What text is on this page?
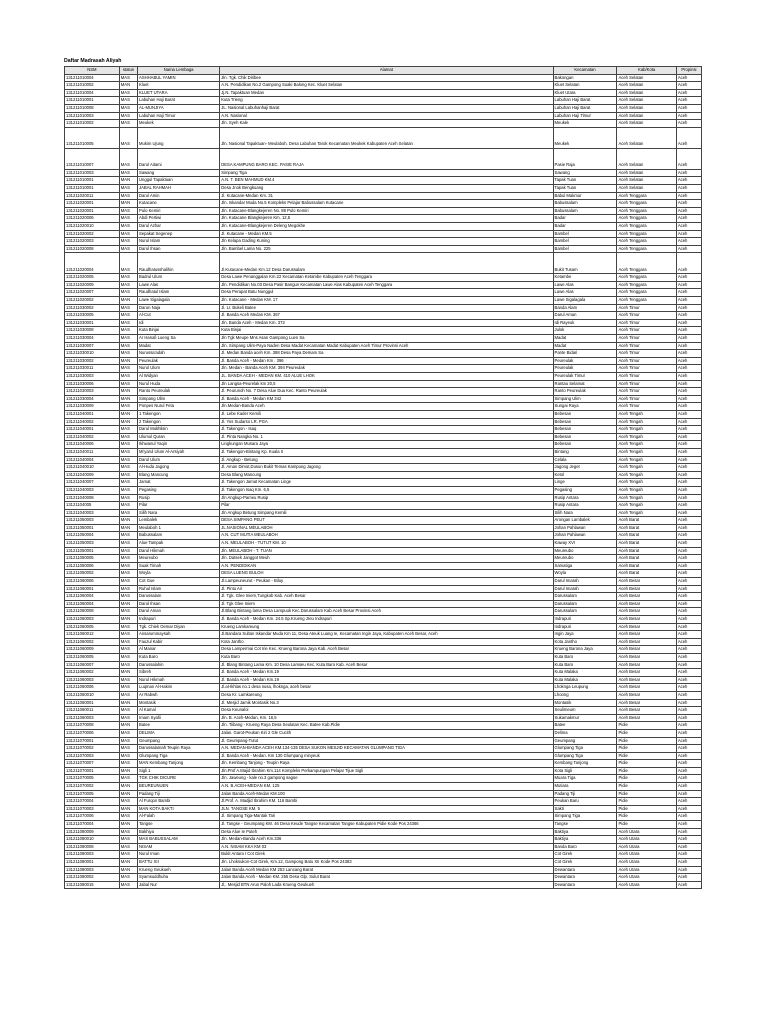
Daftar Madrasah Aliyah
NSM	status	Nama Lembaga	Alamat	Kecamatan	Kab/Kota	Propinsi
131211010004	MAS	ASHHABUL YAMIN	Jln. Tgk. Chik Diribee	Bakongan	Aceh Selatan	Aceh
131211010002	MAN	Kluet	A.N. Pendidikan No.2 Gampong Suaki Balong Kec. Kluet Selatan	Kluet Selatan	Aceh Selatan	Aceh
131211010004	MAS	KLUET UTARA	Jj.N. Tapaktuan Medan	Kluet Utara	Aceh Selatan	Aceh
131211010001	MAS	Labuhan Haji Barat	Kuta Trieng	Labuhan Haji Barat	Aceh Selatan	Aceh
131211010008	MAS	AL-MUNJIYA	JL. Nasional Labuhanhaji Barat	Labuhan Haji Barat	Aceh Selatan	Aceh
131211010003	MAS	Labuhan Haji Timur	A.N. Nasional	Labuhan Haji Timur	Aceh Selatan	Aceh
131211010002	MAS	Meukek	Jln. Syeh Kale	Meukek	Aceh Selatan	Aceh
131211010005	MAS	Mukim Ujung	Jln. Nasional Tapaktuan- Meulaboh. Desa Labuhan Tarok Kecamatan Meukek Kabupaten Aceh Selatan	Meukek	Aceh Selatan	Aceh
131211010007	MAS	Darul Aitami	DESA KAMPUNG BARO KEC. PASIE RAJA	Pasie Raja	Aceh Selatan	Aceh
131211010003	MAS	Sawang	Simpang Tiga	Sawang	Aceh Selatan	Aceh
131211010001	MAN	Unggul Tapaktuan	A.N. T. BEN MAHMUD KM.4	Tapak Tuan	Aceh Selatan	Aceh
131211010001	MAS	JABAL RAHMAH	Desa Jnok Bengkuang	Tapak Tuan	Aceh Selatan	Aceh
131211020011	MAS	Darul Amin	Jl. Kutacane-Medan Km. 31	Babul Makmur	Aceh Tenggara	Aceh
131211020001	MAN	Kutacane	Jln. Iskandar Muda No.5 Kompleks Pelajar Babussalam Kutacane	Babussalam	Aceh Tenggara	Aceh
131211020001	MAS	Pulo Kemiri	Jln. Kutacane-Blangkejeren No. 88 Pulo Kemiri	Babussalam	Aceh Tenggara	Aceh
131211020006	MAS	Abdi Pertiwi	Jln. Kutacane Blangkejeren Km. 12,5	Badar	Aceh Tenggara	Aceh
131211020010	MAS	Darul Azhar	Jln. Kutacane-Blangkejeren Deleng Megokhe	Badar	Aceh Tenggara	Aceh
131211020002	MAS	Sepakat Segenep	Jl. Kutacane - Medan KM.5	Bambel	Aceh Tenggara	Aceh
131211020003	MAS	Nurul Islam	Jln Kelapa Gading Kuning	Bambel	Aceh Tenggara	Aceh
131211020008	MAS	Darul Ihsan	Jln. Bambel Lama No. 225	Bambel	Aceh Tenggara	Aceh
131211020004	MAS	Raudhatusshalihin	Jl.Kutacane-Medan Km.12 Desa Darussalam	Bukit Tusam	Aceh Tenggara	Aceh
131211020005	MAS	Badrul Ulum	Desa Lawe Penanggalan Km.22 Kecamatan Ketambe Kabupaten Aceh Tenggara	Ketambe	Aceh Tenggara	Aceh
131211020009	MAS	Lawe Alas	Jln. Pendidikan No.03 Desa Pasir Bangun Kecamatan Lawe Alas Kabupaten Aceh Tenggara	Lawe Alas	Aceh Tenggara	Aceh
131211020007	MAS	Raudhatul Islam	Desa Perapat Batu Nunggul	Lawe Alas	Aceh Tenggara	Aceh
131211020002	MAN	Lawe Sigalagala	Jln. Kutacane - Medan KM. 17	Lawe Sigalagala	Aceh Tenggara	Aceh
131211030002	MAS	Darun Naja	Jl. Lr. Bukeli Batee	Banda Alam	Aceh Timur	Aceh
131211030005	MAS	Al-Cut	Jl. Banda Aceh Medan KM. 367	Darul Aman	Aceh Timur	Aceh
131211030001	MAS	Idi	Jln. Banda Aceh - Medan Km. 372	Idi Rayeuk	Aceh Timur	Aceh
131211030008	MAS	Kuta Binjai	Kuta Binjai	Julok	Aceh Timur	Aceh
131211030004	MAS	Ar Hanafi Lueng Sa	Jln Tgk Meupe Mns Asan Gampong Luen Sa	Madat	Aceh Timur	Aceh
131211030007	MAS	Madat	Jln. Simpang Ulim-Paya Naden Desa Madat Kecamatan Madat Kabupaten Aceh Timur Provinsi Aceh	Madat	Aceh Timur	Aceh
131211030010	MAS	Nurussa'adah	Jl. Medan Banda aceh Km. 388 Desa Paya Demam Sa	Pante Bidari	Aceh Timur	Aceh
131211030002	MAN	Peureulak	Jl. Banda Aceh - Medan Km . 396	Peureulak	Aceh Timur	Aceh
131211030011	MAS	Nurul Ulum	Jln. Medan - Banda Aceh KM. 394 Peureulak	Peureulak	Aceh Timur	Aceh
131211030003	MAS	Al Widyan	JL. BANDA ACEH - MEDAN KM. 410 ALUE LHOK	Peureulak Timur	Aceh Timur	Aceh
131211030006	MAS	Nurul Huda	Jln Langsa-Peurelak km 20,5	Rantau Selamat	Aceh Timur	Aceh
131211030003	MAN	Ranto Peureulak	Jl. Peurunoh No. 7 Desa Alue Dua Kec. Ranto Peureulak	Ranto Peureulak	Aceh Timur	Aceh
131211030004	MAN	Simpang Ulim	Jl. Banda Aceh - Medan KM 342	Simpang Ulim	Aceh Timur	Aceh
131211030009	MAS	Ponpes Nurul Feta	Jln.Medan-Banda Aceh	Sungai Raya	Aceh Timur	Aceh
131211040001	MAN	1 Takengon	Jl. Lebe Kader Kemili	Bebesan	Aceh Tengah	Aceh
131211040002	MAN	2 Takengon	Jl. Yos Sudarso LR. PGA	Bebesan	Aceh Tengah	Aceh
131211040001	MAS	Darul Mukhlisin	Jl. Takengon - Isaq	Bebesan	Aceh Tengah	Aceh
131211040002	MAS	Ulumul Quran	Jl. Pinta Nangka No. 1	Bebesan	Aceh Tengah	Aceh
131211040006	MAS	Ikhwanul Yaqin	Lingkungan Musara Jaya	Bebesan	Aceh Tengah	Aceh
131211040011	MAS	Mi'yarul Ulum Al-Arsiyah	Jl. Takengon-Bintang Kp. Kuala II	Bintang	Aceh Tengah	Aceh
131211040004	MAS	Darul Ulum	Jl. Angkup - Betung	Celala	Aceh Tengah	Aceh
131211040010	MAS	Al-Huda Jagong	Jl. Aman Dimot,Dusun Bukit Temas Kampung Jagong	Jagong Jeget	Aceh Tengah	Aceh
131211040009	MAS	Blang Mancung	Desa Blang Mancung	Ketol	Aceh Tengah	Aceh
131211040007	MAS	Jamat	Jl. Takengon Jamat Kecamatan Linge	Linge	Aceh Tengah	Aceh
131211040003	MAS	Pegasing	Jl. Takengon Isaq Km. 6,5	Pegasing	Aceh Tengah	Aceh
131211040008	MAS	Rusip	Jln Angkup-Pameu Rusip	Rusip Antara	Aceh Tengah	Aceh
13121104005	MAS	Pilar	Pilar	Rusip Antara	Aceh Tengah	Aceh
131211040003	MAS	Silih Nara	Jln Angkup Betung Simpang Kemili	Silih Nara	Aceh Tengah	Aceh
131211050003	MAN	Lembalek	DESA SIMPANG PEUT	Arongan Lambalek	Aceh Barat	Aceh
131211050001	MAN	Meulaboh 1	JL.NASIONAL MEULABOH	Johan Pahlawan	Aceh Barat	Aceh
131211050004	MAS	Babussalam	A.N. CUT MUTIA MEULABOH	Johan Pahlawan	Aceh Barat	Aceh
131211050003	MAS	Alue Tampak	A.N. MEULABOH - TUTUT KM. 10	Kaway XVI	Aceh Barat	Aceh
131211050001	MAS	Darul Hikmah	Jln. MEULABOH - T. TUAN	Meureubo	Aceh Barat	Aceh
131211050005	MAS	Meureubo	Jln. Datsek Janggot Meuh	Meureubo	Aceh Barat	Aceh
131211050006	MAS	Suak Timah	A.N. PENDIDIKAN	Samatiga	Aceh Barat	Aceh
131211050002	MAS	Woyla	DESA LUENG BULOH	Woyla	Aceh Barat	Aceh
131211060006	MAS	Cot Gue	Jl.Lampeuneurut - Peukan - Biluy	Darul Imarah	Aceh Besar	Aceh
131211060001	MAS	Ruhul Islam	Jl. Pintu Air	Darul Imarah	Aceh Besar	Aceh
131211060004	MAS	Darussalam	Jl. Tgk. Glee Iniem,Tungkob Kab. Aceh Besar	Darussalam	Aceh Besar	Aceh
131211060004	MAN	Darul Ihsan	Jl. Tgk Glee Iniem	Darussalam	Aceh Besar	Aceh
131211060008	MAS	Darul Aman	Jl.Blang Bintang lama Desa Lampuuk Kec.Darussalam Kab.Aceh Besar Provinsi Aceh	Darussalam	Aceh Besar	Aceh
131211060003	MAN	Indrapuri	Jl. Banda Aceh - Medan Km. 24.5 Sp.Krueng Jreu Indrapuri	Indrapuri	Aceh Besar	Aceh
131211060005	MAS	Tgk. Chiek Oemar Diyan	Krueng Lamkareung	Indrapuri	Aceh Besar	Aceh
131211060012	MAS	Ansarummaysah	Jl.Bandara Sultan Iskandar Muda Km 11, Desa Ateuk Luang Ie, Kecamatan Ingin Jaya, Kabupaten Aceh Besar, Aceh	Ingin Jaya	Aceh Besar	Aceh
131211060002	MAS	Fauzul Kabir	Kota Jantho	Kota Jantho	Aceh Besar	Aceh
131211060009	MAS	Al Manar	Desa Lampermai Cot Irie Kec. Krueng Barona Jaya Kab. Aceh Besar	Krueng Barona Jaya	Aceh Besar	Aceh
131211060005	MAS	Kuta Baro	Kuta Baro	Kuta Baro	Aceh Besar	Aceh
131211060007	MAS	Darussalahin	Jl. Blang Bintang Lama Km. 10 Desa Lamseu Kec. Kuta Baro Kab. Aceh Besar	Kuta Baro	Aceh Besar	Aceh
131211060002	MAN	Sibreh	Jl. Banda Aceh - Medan Km.19	Kuta Malaka	Aceh Besar	Aceh
131211060003	MAS	Nurul Hikmah	Jl. Banda Aceh - Medan Km.19	Kuta Malaka	Aceh Besar	Aceh
131211060006	MAS	Luqman Al-Hakim	Jl.al-Ikhlas no.1 desa nusa, lhoknga, aceh besar	Lhoknga Leupung	Aceh Besar	Aceh
131211060010	MAS	Ar Rabwh	Desa Kr. Lamkareung	Lhoong	Aceh Besar	Aceh
131211060001	MAN	Montasik	Jl. Mesjid Jamik Montasik No.3	Montasik	Aceh Besar	Aceh
131211060011	MAS	Al Kamal	Desa Keunaloi	Seulimeum	Aceh Besar	Aceh
131211060003	MAS	Imam Syafii	Jln. B. Aceh-Medan, Km. 16,5	Sukamakmur	Aceh Besar	Aceh
131211070008	MAN	Batee	Jln. Tiibang - Krueng Raya Desa Seulatan Kec. Batee Kab.Pidie	Batee	Pidie	Aceh
131211070006	MAS	DELIMA	Jalan. Garot-Peukan Kiri 2 Gle Cucith	Delima	Pidie	Aceh
131211070001	MAS	Geumpang	Jl. Geumpang-Tutut	Geumpang	Pidie	Aceh
131211070002	MAS	Darussalamah Teupin Raya	A.N. MEDAN-BANDA ACEH KM.134-135 DESA SUKON MESJID KECAMATAN GLUMPANG TIGA	Glumpang Tiga	Pidie	Aceh
131211070003	MAS	Glumpang Tiga	Jl. Banda Aceh - Medan. Km 130 Glumpang minyeuk	Glumpang Tiga	Pidie	Aceh
131211070007	MAS	MAN Kembang Tanjong	Jln. Kembang Tanjong - Teupin Raya	Kembang Tanjong	Pidie	Aceh
131211070001	MAN	Sigli 1	Jln.Prof A.Majid Ibrahim Km.114 Kompleks Perkampungan Pelajar Tijue Sigli	Kota Sigli	Pidie	Aceh
131211070005	MAS	TGK CHIK DICURE	Jln. Jaweung - kale no.3 gampong sagoe	Muara Tiga	Pidie	Aceh
131211070002	MAN	BEUREUNUEN	A.N. B.ACEH-MEDAN KM. 125	Mutiara	Pidie	Aceh
131211070005	MAN	Padang Tiji	Jalan Banda Aceh-Medan KM.100	Padang Tiji	Pidie	Aceh
131211070004	MAS	Al Furqon Bambi	Jl.Prof. A. Madjid Ibrahim KM. 116 Bambi	Peukan Baru	Pidie	Aceh
131211070003	MAN	MAN KOTA BAKTI	JLN. TANGSE KM. 5	Sakti	Pidie	Aceh
131211070006	MAS	Al-Falah	Jl. Simpang Tiga-Mantak Tari	Simpang Tiga	Pidie	Aceh
131211070004	MAN	Tangse	Jl. Tangse - Geumpang KM. 46 Desa Keude Tangse Kecamatan Tangse Kabupaten Pidie Kode Pos 24366	Tangse	Pidie	Aceh
131211080009	MAS	Bakhiya	Desa Alue Ie Puteh	Baktiya	Aceh Utara	Aceh
131211080010	MAS	MAS BABUSSALAM	Jln. Medan-Banda Aceh Km.336	Baktiya	Aceh Utara	Aceh
131211080008	MAS	NISAM	A.N. NISAM KKA KM 03	Banda Baro	Aceh Utara	Aceh
131211080003	MAS	Nurul Iman	Bukit Antara I Cot Girek	Cot Girek	Aceh Utara	Aceh
131211080001	MAN	BATTU XII	Jln. Lhoksukon-Cot Girek, Km.12, Gampong Batu XII Kode Pos 24383	Cot Girek	Aceh Utara	Aceh
131211080003	MAN	Krueng Geukueh	Jalan Banda Aceh Medan KM 253 Lancang Barat	Dewantara	Aceh Utara	Aceh
131211080002	MAS	Syamsuddhuha	Jalan Banda Aceh - Medan KM. 255 Desa Glp. Sulut Barat	Dewantara	Aceh Utara	Aceh
131211080015	MAS	Jabal Nur	Jl,. Mesjid BTN Arun Paloh Lada Krueng Geukueh	Dewantara	Aceh Utara	Aceh
